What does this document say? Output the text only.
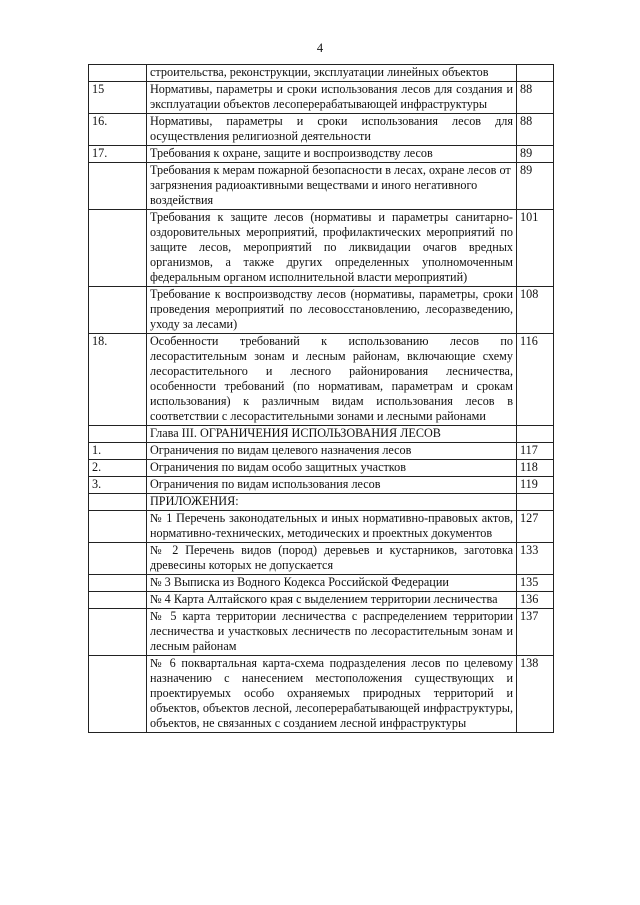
4
	строительства, реконструкции, эксплуатации линейных объектов	
15	Нормативы, параметры и сроки использования лесов для создания и эксплуатации объектов лесоперерабатывающей инфраструктуры	88
16.	Нормативы, параметры и сроки использования лесов для осуществления религиозной деятельности	88
17.	Требования к охране, защите и воспроизводству лесов	89
	Требования к мерам пожарной безопасности в лесах, охране лесов от загрязнения радиоактивными веществами и иного негативного воздействия	89
	Требования к защите лесов (нормативы и параметры санитарно-оздоровительных мероприятий, профилактических мероприятий по защите лесов, мероприятий по ликвидации очагов вредных организмов, а также других определенных уполномоченным федеральным органом исполнительной власти мероприятий)	101
	Требование к воспроизводству лесов (нормативы, параметры, сроки проведения мероприятий по лесовосстановлению, лесоразведению, уходу за лесами)	108
18.	Особенности требований к использованию лесов по лесорастительным зонам и лесным районам, включающие схему лесорастительного и лесного районирования лесничества, особенности требований (по нормативам, параметрам и срокам использования) к различным видам использования лесов в соответствии с лесорастительными зонами и лесными районами	116
	Глава III. ОГРАНИЧЕНИЯ ИСПОЛЬЗОВАНИЯ ЛЕСОВ	
1.	Ограничения по видам целевого назначения лесов	117
2.	Ограничения по видам особо защитных участков	118
3.	Ограничения по видам использования лесов	119
	ПРИЛОЖЕНИЯ:	
	№ 1 Перечень законодательных и иных нормативно-правовых актов, нормативно-технических, методических и проектных документов	127
	№ 2 Перечень видов (пород) деревьев и кустарников, заготовка древесины которых не допускается	133
	№ 3 Выписка из Водного Кодекса Российской Федерации	135
	№ 4 Карта Алтайского края с выделением территории лесничества	136
	№ 5 карта территории лесничества с распределением территории лесничества и участковых лесничеств по лесорастительным зонам и лесным районам	137
	№ 6 поквартальная карта-схема подразделения лесов по целевому назначению с нанесением местоположения существующих и проектируемых особо охраняемых природных территорий и объектов, объектов лесной, лесоперерабатывающей инфраструктуры, объектов, не связанных с созданием лесной инфраструктуры	138
